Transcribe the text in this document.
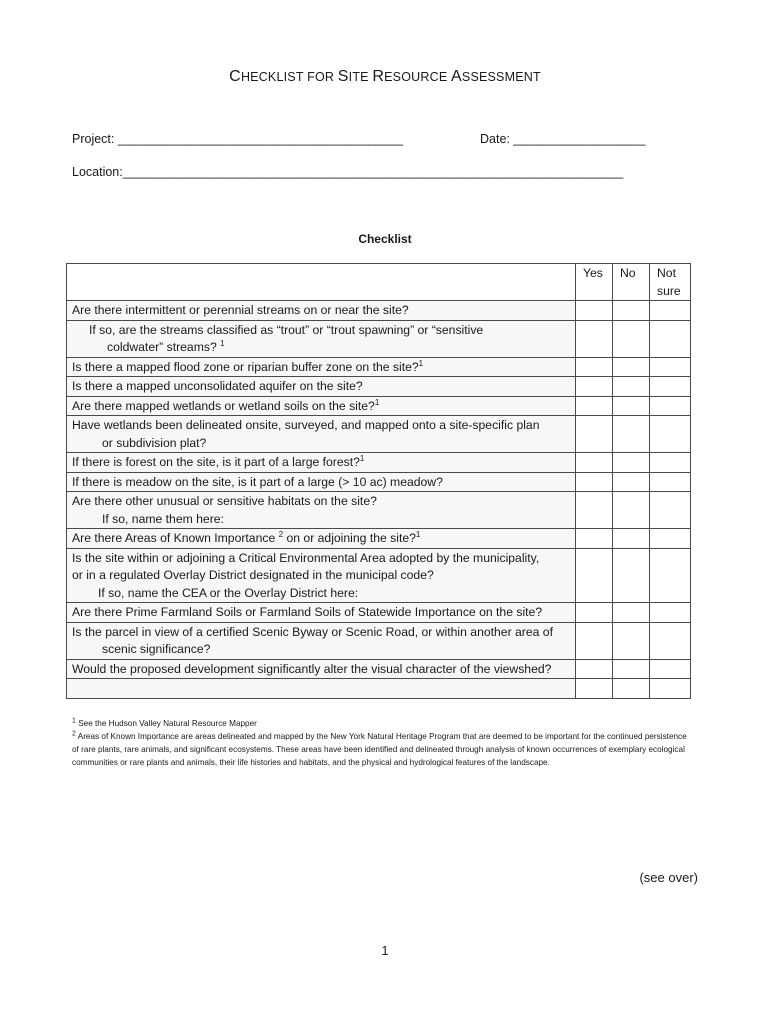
CHECKLIST FOR SITE RESOURCE ASSESSMENT
Project: _________________________________________	Date: ___________________
Location:________________________________________________________________________
Checklist
	Yes	No	Not sure
Are there intermittent or perennial streams on or near the site?			

If so, are the streams classified as “trout” or “trout spawning” or “sensitive
coldwater” streams? $^1$

Is there a mapped flood zone or riparian buffer zone on the site?$^1$			
Is there a mapped unconsolidated aquifer on the site?			
Are there mapped wetlands or wetland soils on the site?$^1$			
Have wetlands been delineated onsite, surveyed, and mapped onto a site-specific plan
or subdivision plat?			

If there is forest on the site, is it part of a large forest?$^1$			
If there is meadow on the site, is it part of a large (> 10 ac) meadow?			
Are there other unusual or sensitive habitats on the site?
If so, name them here:			

Are there Areas of Known Importance $^2$ on or adjoining the site?$^1$			
Is the site within or adjoining a Critical Environmental Area adopted by the municipality,
or in a regulated Overlay District designated in the municipal code?
If so, name the CEA or the Overlay District here:			

Are there Prime Farmland Soils or Farmland Soils of Statewide Importance on the site?			
Is the parcel in view of a certified Scenic Byway or Scenic Road, or within another area of
scenic significance?			

Would the proposed development significantly alter the visual character of the viewshed?			

$^1$ See the Hudson Valley Natural Resource Mapper
$^2$ Areas of Known Importance are areas delineated and mapped by the New York Natural Heritage Program that are deemed to be important for the continued persistence of rare plants, rare animals, and significant ecosystems. These areas have been identified and delineated through analysis of known occurrences of exemplary ecological communities or rare plants and animals, their life histories and habitats, and the physical and hydrological features of the landscape.
(see over)
1
